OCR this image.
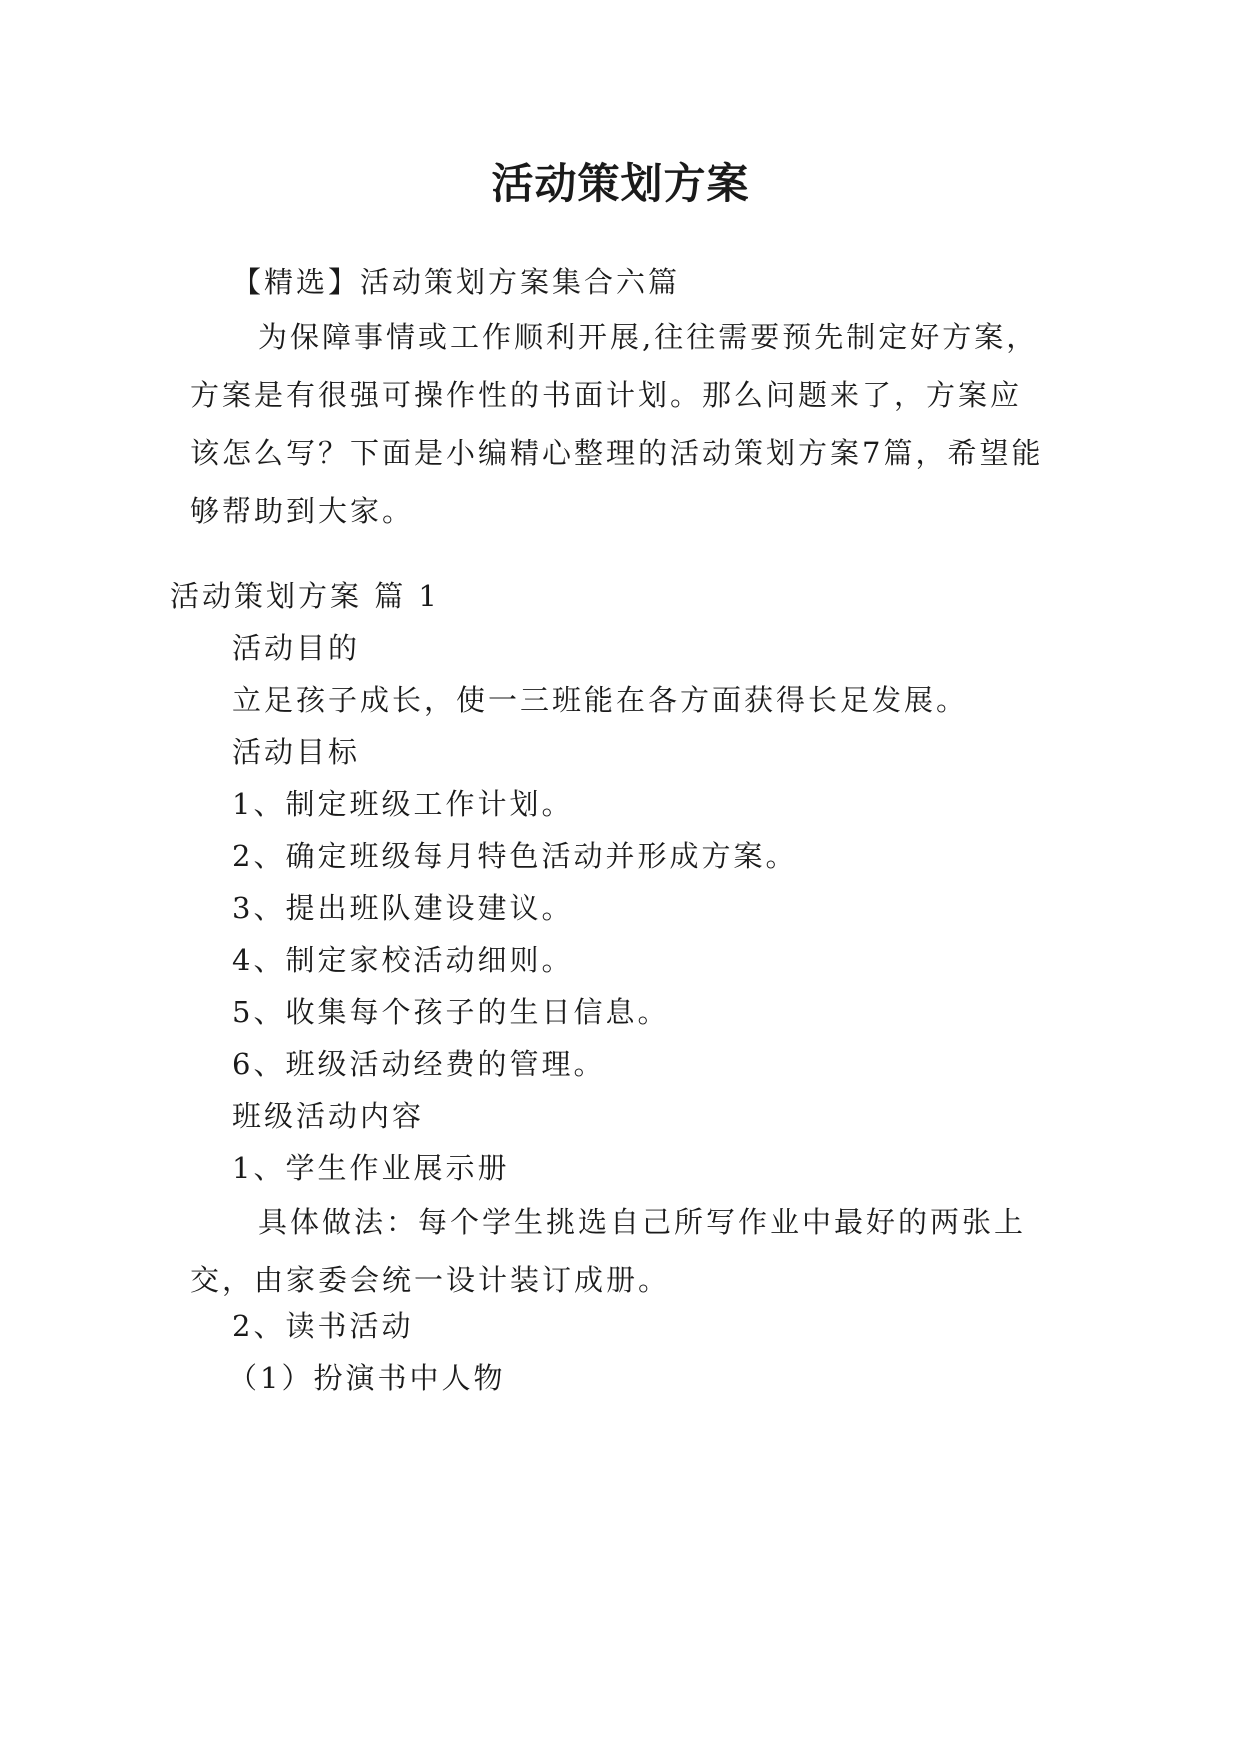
活动策划方案
【精选】活动策划方案集合六篇
为保障事情或工作顺利开展,往往需要预先制定好方案，方案是有很强可操作性的书面计划。那么问题来了，方案应该怎么写？下面是小编精心整理的活动策划方案7篇，希望能够帮助到大家。
活动策划方案 篇 1
活动目的
立足孩子成长，使一三班能在各方面获得长足发展。
活动目标
1、制定班级工作计划。
2、确定班级每月特色活动并形成方案。
3、提出班队建设建议。
4、制定家校活动细则。
5、收集每个孩子的生日信息。
6、班级活动经费的管理。
班级活动内容
1、学生作业展示册
具体做法：每个学生挑选自己所写作业中最好的两张上交，由家委会统一设计装订成册。
2、读书活动
（1）扮演书中人物
